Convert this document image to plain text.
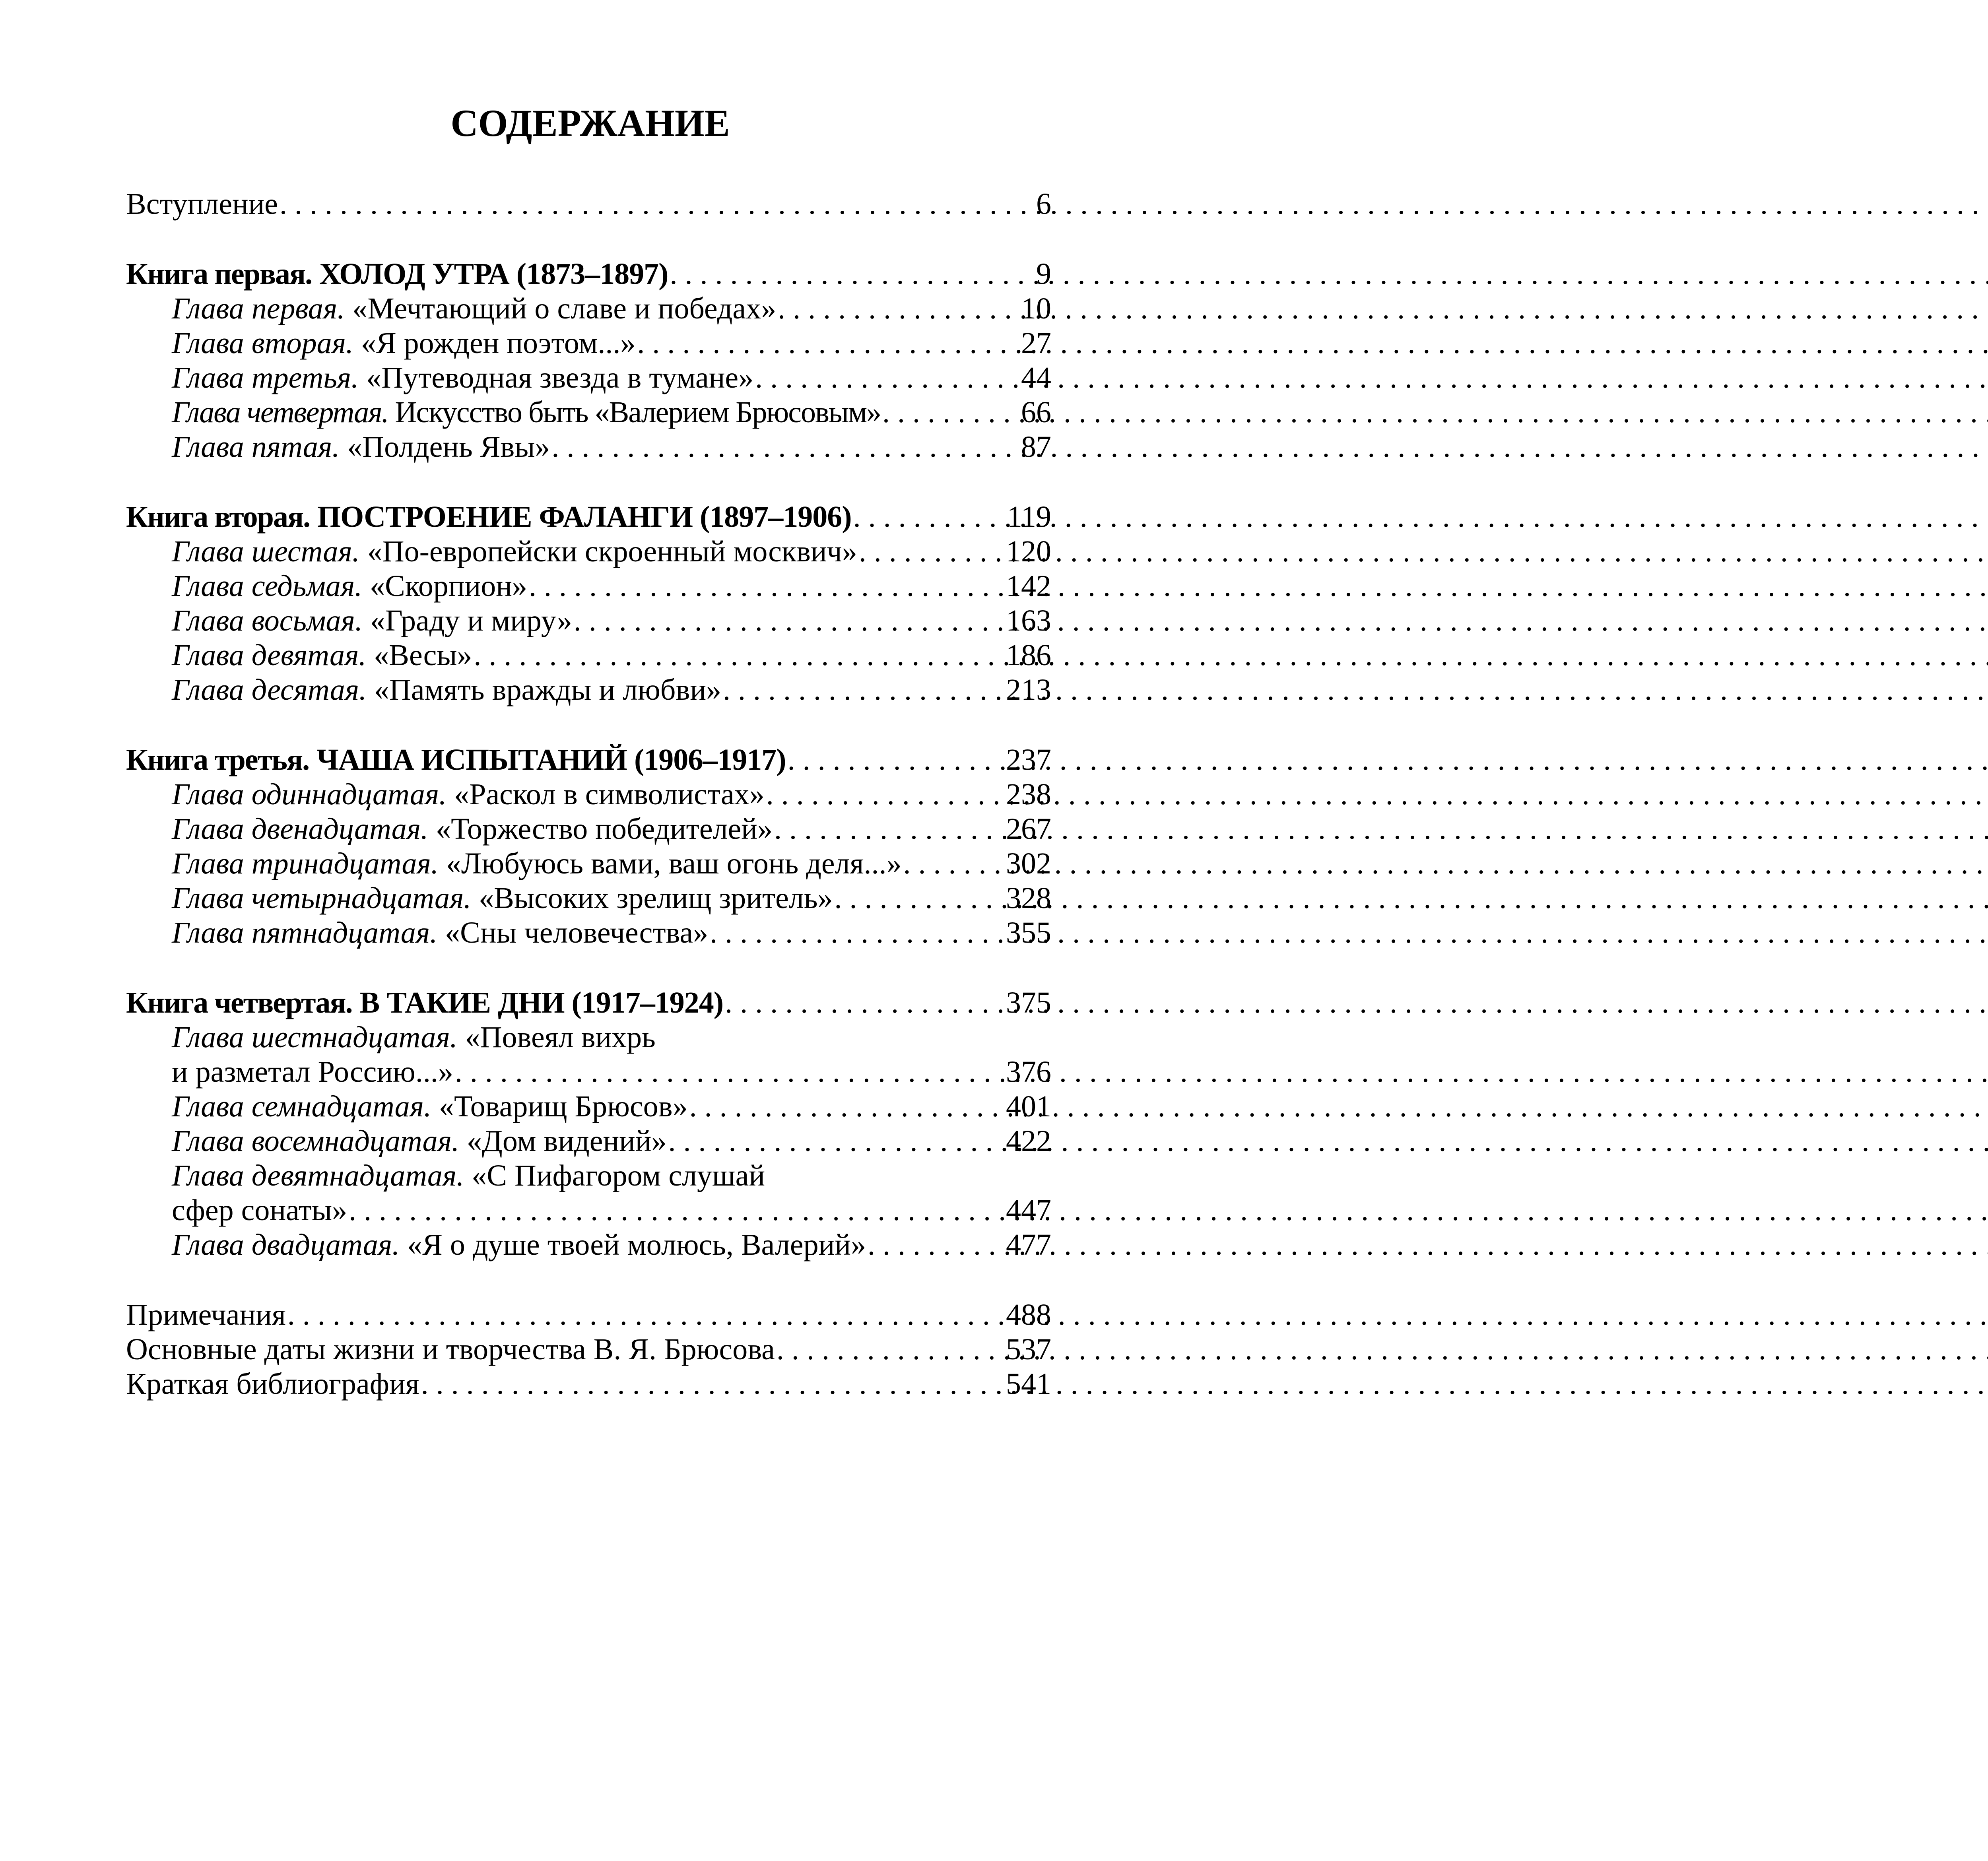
СОДЕРЖАНИЕ
Вступление . . .	6
Книга первая. ХОЛОД УТРА (1873–1897) . . .	9
Глава первая. «Мечтающий о славе и победах» . . .	10
Глава вторая. «Я рожден поэтом...» . . .	27
Глава третья. «Путеводная звезда в тумане» . . .	44
Глава четвертая. Искусство быть «Валерием Брюсовым» . . .	66
Глава пятая. «Полдень Явы» . . .	87
Книга вторая. ПОСТРОЕНИЕ ФАЛАНГИ (1897–1906) . . .	119
Глава шестая. «По-европейски скроенный москвич» . . .	120
Глава седьмая. «Скорпион» . . .	142
Глава восьмая. «Граду и миру» . . .	163
Глава девятая. «Весы» . . .	186
Глава десятая. «Память вражды и любви» . . .	213
Книга третья. ЧАША ИСПЫТАНИЙ (1906–1917) . . .	237
Глава одиннадцатая. «Раскол в символистах» . . .	238
Глава двенадцатая. «Торжество победителей» . . .	267
Глава тринадцатая. «Любуюсь вами, ваш огонь деля...» . . .	302
Глава четырнадцатая. «Высоких зрелищ зритель» . . .	328
Глава пятнадцатая. «Сны человечества» . . .	355
Книга четвертая. В ТАКИЕ ДНИ (1917–1924) . . .	375
Глава шестнадцатая. «Повеял вихрь
и разметал Россию...» . . .	376
Глава семнадцатая. «Товарищ Брюсов» . . .	401
Глава восемнадцатая. «Дом видений» . . .	422
Глава девятнадцатая. «С Пифагором слушай
сфер сонаты» . . .	447
Глава двадцатая. «Я о душе твоей молюсь, Валерий» . . .	477
Примечания . . .	488
Основные даты жизни и творчества В. Я. Брюсова . . .	537
Краткая библиография . . .	541
